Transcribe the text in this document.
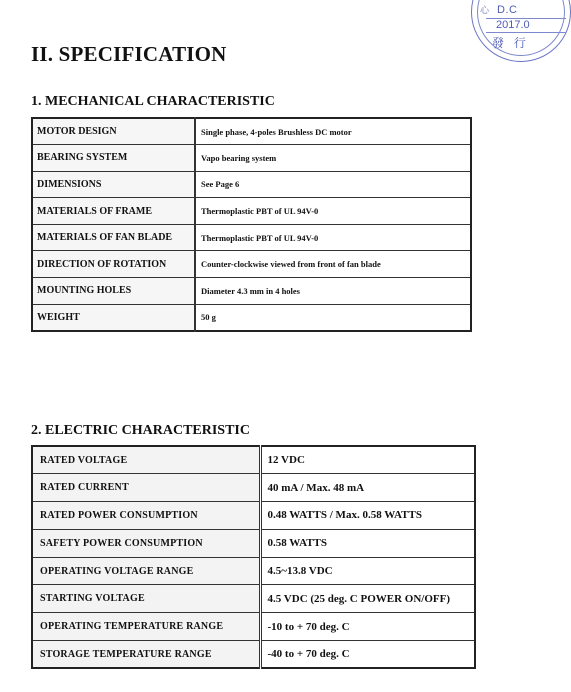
心 D.C
2017.0
發 行
II. SPECIFICATION
1. MECHANICAL CHARACTERISTIC
MOTOR DESIGN	Single phase, 4-poles Brushless DC motor
BEARING SYSTEM	Vapo bearing system
DIMENSIONS	See Page 6
MATERIALS OF FRAME	Thermoplastic PBT of UL 94V-0
MATERIALS OF FAN BLADE	Thermoplastic PBT of UL 94V-0
DIRECTION OF ROTATION	Counter-clockwise viewed from front of fan blade
MOUNTING HOLES	Diameter 4.3 mm in 4 holes
WEIGHT	50 g
2. ELECTRIC CHARACTERISTIC
RATED VOLTAGE	12 VDC
RATED CURRENT	40 mA / Max. 48 mA
RATED POWER CONSUMPTION	0.48 WATTS / Max. 0.58 WATTS
SAFETY POWER CONSUMPTION	0.58 WATTS
OPERATING VOLTAGE RANGE	4.5~13.8 VDC
STARTING VOLTAGE	4.5 VDC (25 deg. C POWER ON/OFF)
OPERATING TEMPERATURE RANGE	-10 to + 70 deg. C
STORAGE TEMPERATURE RANGE	-40 to + 70 deg. C
